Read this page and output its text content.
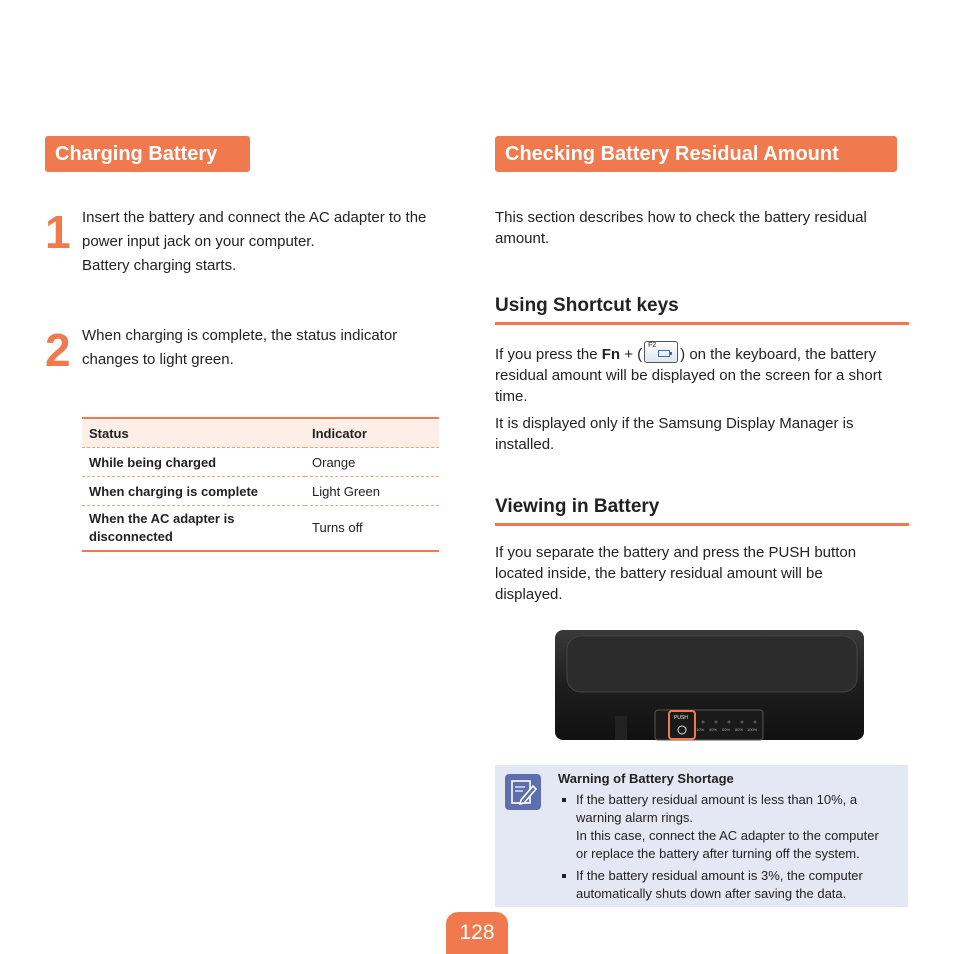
Charging Battery
1 Insert the battery and connect the AC adapter to the
power input jack on your computer.
Battery charging starts.
2 When charging is complete, the status indicator
changes to light green.
Status	Indicator
While being charged	Orange
When charging is complete	Light Green
When the AC adapter is disconnected	Turns off
Checking Battery Residual Amount
This section describes how to check the battery residual
amount.
Using Shortcut keys
If you press the Fn + (
F2
) on the keyboard, the battery
residual amount will be displayed on the screen for a short
time.
It is displayed only if the Samsung Display Manager is
installed.
Viewing in Battery
If you separate the battery and press the PUSH button
located inside, the battery residual amount will be
displayed.
PUSH
10% 40% 60% 80% 100%
Warning of Battery Shortage
If the battery residual amount is less than 10%, a
warning alarm rings.
In this case, connect the AC adapter to the computer
or replace the battery after turning off the system.
If the battery residual amount is 3%, the computer
automatically shuts down after saving the data.
128
